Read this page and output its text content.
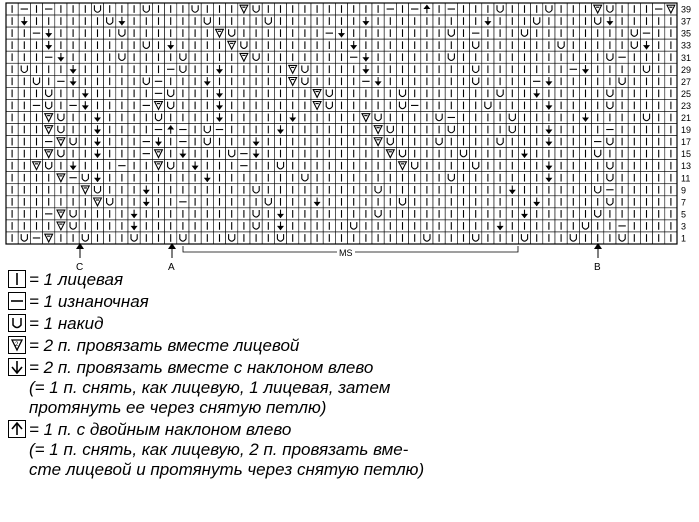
39
37
35
33
31
29
27
25
23
21
19
17
15
13
11
9
7
5
3
1
C	A	B
MS
= 1 лицевая
= 1 изнаночная
= 1 накид
2 = 2 п. провязать вместе лицевой
= 2 п. провязать вместе с наклоном влево
(= 1 п. снять, как лицевую, 1 лицевая, затем
протянуть ее через снятую петлю)
= 1 п. с двойным наклоном влево
(= 1 п. снять, как лицевую, 2 п. провязать вме-
сте лицевой и протянуть через снятую петлю)
